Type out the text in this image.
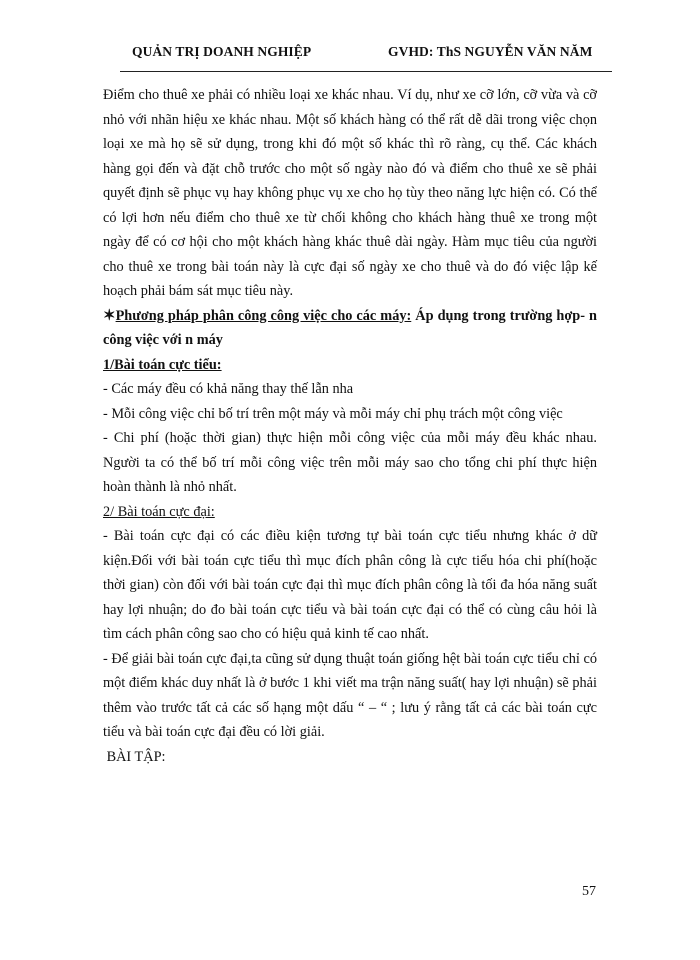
QUẢN TRỊ DOANH NGHIỆP	GVHD: ThS NGUYỄN VĂN NĂM

Điểm cho thuê xe phải có nhiều loại xe khác nhau. Ví dụ, như xe cỡ lớn, cỡ vừa và cỡ nhỏ với nhãn hiệu xe khác nhau. Một số khách hàng có thể rất dễ dãi trong việc chọn loại xe mà họ sẽ sử dụng, trong khi đó một số khác thì rõ ràng, cụ thể. Các khách hàng gọi đến và đặt chỗ trước cho một số ngày nào đó và điểm cho thuê xe sẽ phải quyết định sẽ phục vụ hay không phục vụ xe cho họ tùy theo năng lực hiện có. Có thể có lợi hơn nếu điểm cho thuê xe từ chối không cho khách hàng thuê xe trong một ngày để có cơ hội cho một khách hàng khác thuê dài ngày. Hàm mục tiêu của người cho thuê xe trong bài toán này là cực đại số ngày xe cho thuê và do đó việc lập kế hoạch phải bám sát mục tiêu này.

✶Phương pháp phân công công việc cho các máy: Áp dụng trong trường hợp- n công việc với n máy

1/Bài toán cực tiểu:

- Các máy đều có khả năng thay thế lẫn nha

- Mỗi công việc chỉ bố trí trên một máy và mỗi máy chỉ phụ trách một công việc

- Chi phí (hoặc thời gian) thực hiện mỗi công việc của mỗi máy đều khác nhau. Người ta có thể bố trí mỗi công việc trên mỗi máy sao cho tổng chi phí thực hiện hoàn thành là nhỏ nhất.

2/ Bài toán cực đại:

- Bài toán cực đại có các điều kiện tương tự bài toán cực tiểu nhưng khác ở dữ kiện.Đối với bài toán cực tiểu thì mục đích phân công là cực tiểu hóa chi phí(hoặc thời gian) còn đối với bài toán cực đại thì mục đích phân công là tối đa hóa năng suất hay lợi nhuận; do đo bài toán cực tiểu và bài toán cực đại có thể có cùng câu hỏi là tìm cách phân công sao cho có hiệu quả kinh tế cao nhất.

- Để giải bài toán cực đại,ta cũng sử dụng thuật toán giống hệt bài toán cực tiểu chỉ có một điểm khác duy nhất là ở bước 1 khi viết ma trận năng suất( hay lợi nhuận) sẽ phải thêm vào trước tất cả các số hạng một dấu “ – “ ; lưu ý rằng tất cả các bài toán cực tiểu và bài toán cực đại đều có lời giải.

BÀI TẬP:

57
